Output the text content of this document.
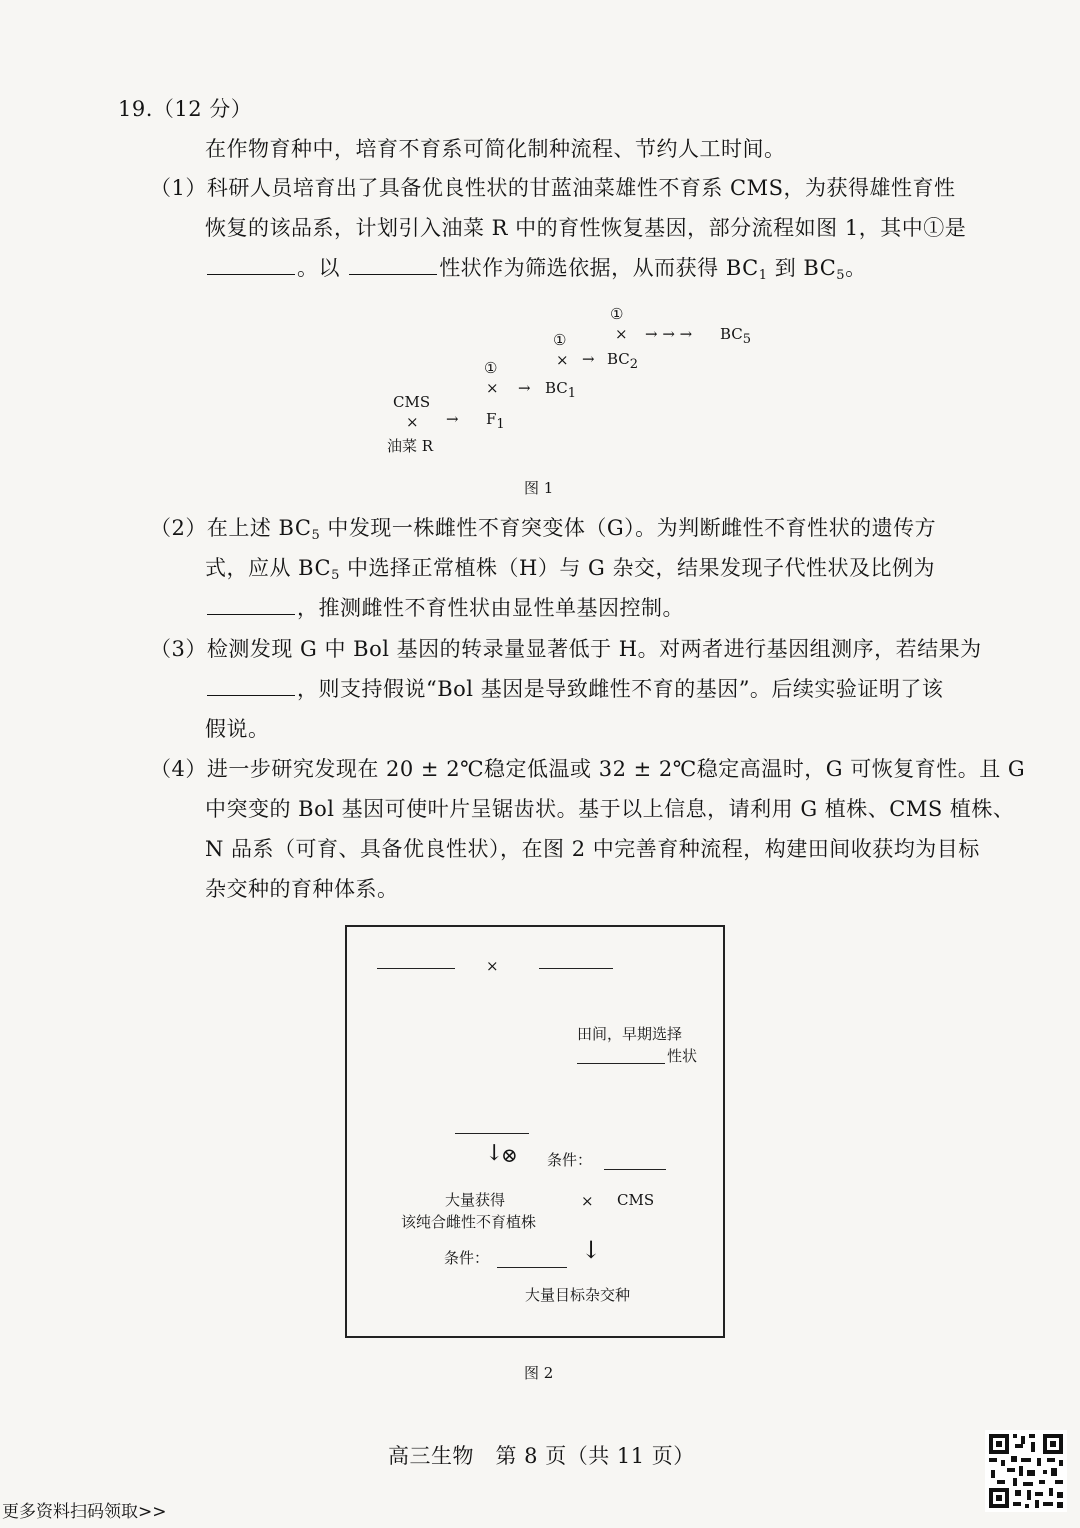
19.（12 分）
在作物育种中，培育不育系可简化制种流程、节约人工时间。
（1）科研人员培育出了具备优良性状的甘蓝油菜雄性不育系 CMS，为获得雄性育性
恢复的该品系，计划引入油菜 R 中的育性恢复基因，部分流程如图 1，其中①是
。以	性状作为筛选依据，从而获得 $BC_1$ 到 $BC_5$。
①
× → → → BC5
①
× → BC2
①
× → BC1
CMS
× → F1
油菜 R
图 1
（2）在上述 $BC_5$ 中发现一株雌性不育突变体（G）。为判断雌性不育性状的遗传方
式，应从 $BC_5$ 中选择正常植株（H）与 G 杂交，结果发现子代性状及比例为
，推测雌性不育性状由显性单基因控制。
（3）检测发现 G 中 Bol 基因的转录量显著低于 H。对两者进行基因组测序，若结果为
，则支持假说“Bol 基因是导致雌性不育的基因”。后续实验证明了该
假说。
（4）进一步研究发现在 20 ± 2℃稳定低温或 32 ± 2℃稳定高温时，G 可恢复育性。且 G
中突变的 Bol 基因可使叶片呈锯齿状。基于以上信息，请利用 G 植株、CMS 植株、
N 品系（可育、具备优良性状），在图 2 中完善育种流程，构建田间收获均为目标
杂交种的育种体系。
×
田间，早期选择
性状
↓
⊗ 条件：
大量获得
该纯合雌性不育植株
× CMS
条件：	↓
大量目标杂交种
图 2
高三生物　第 8 页（共 11 页）
更多资料扫码领取>>
